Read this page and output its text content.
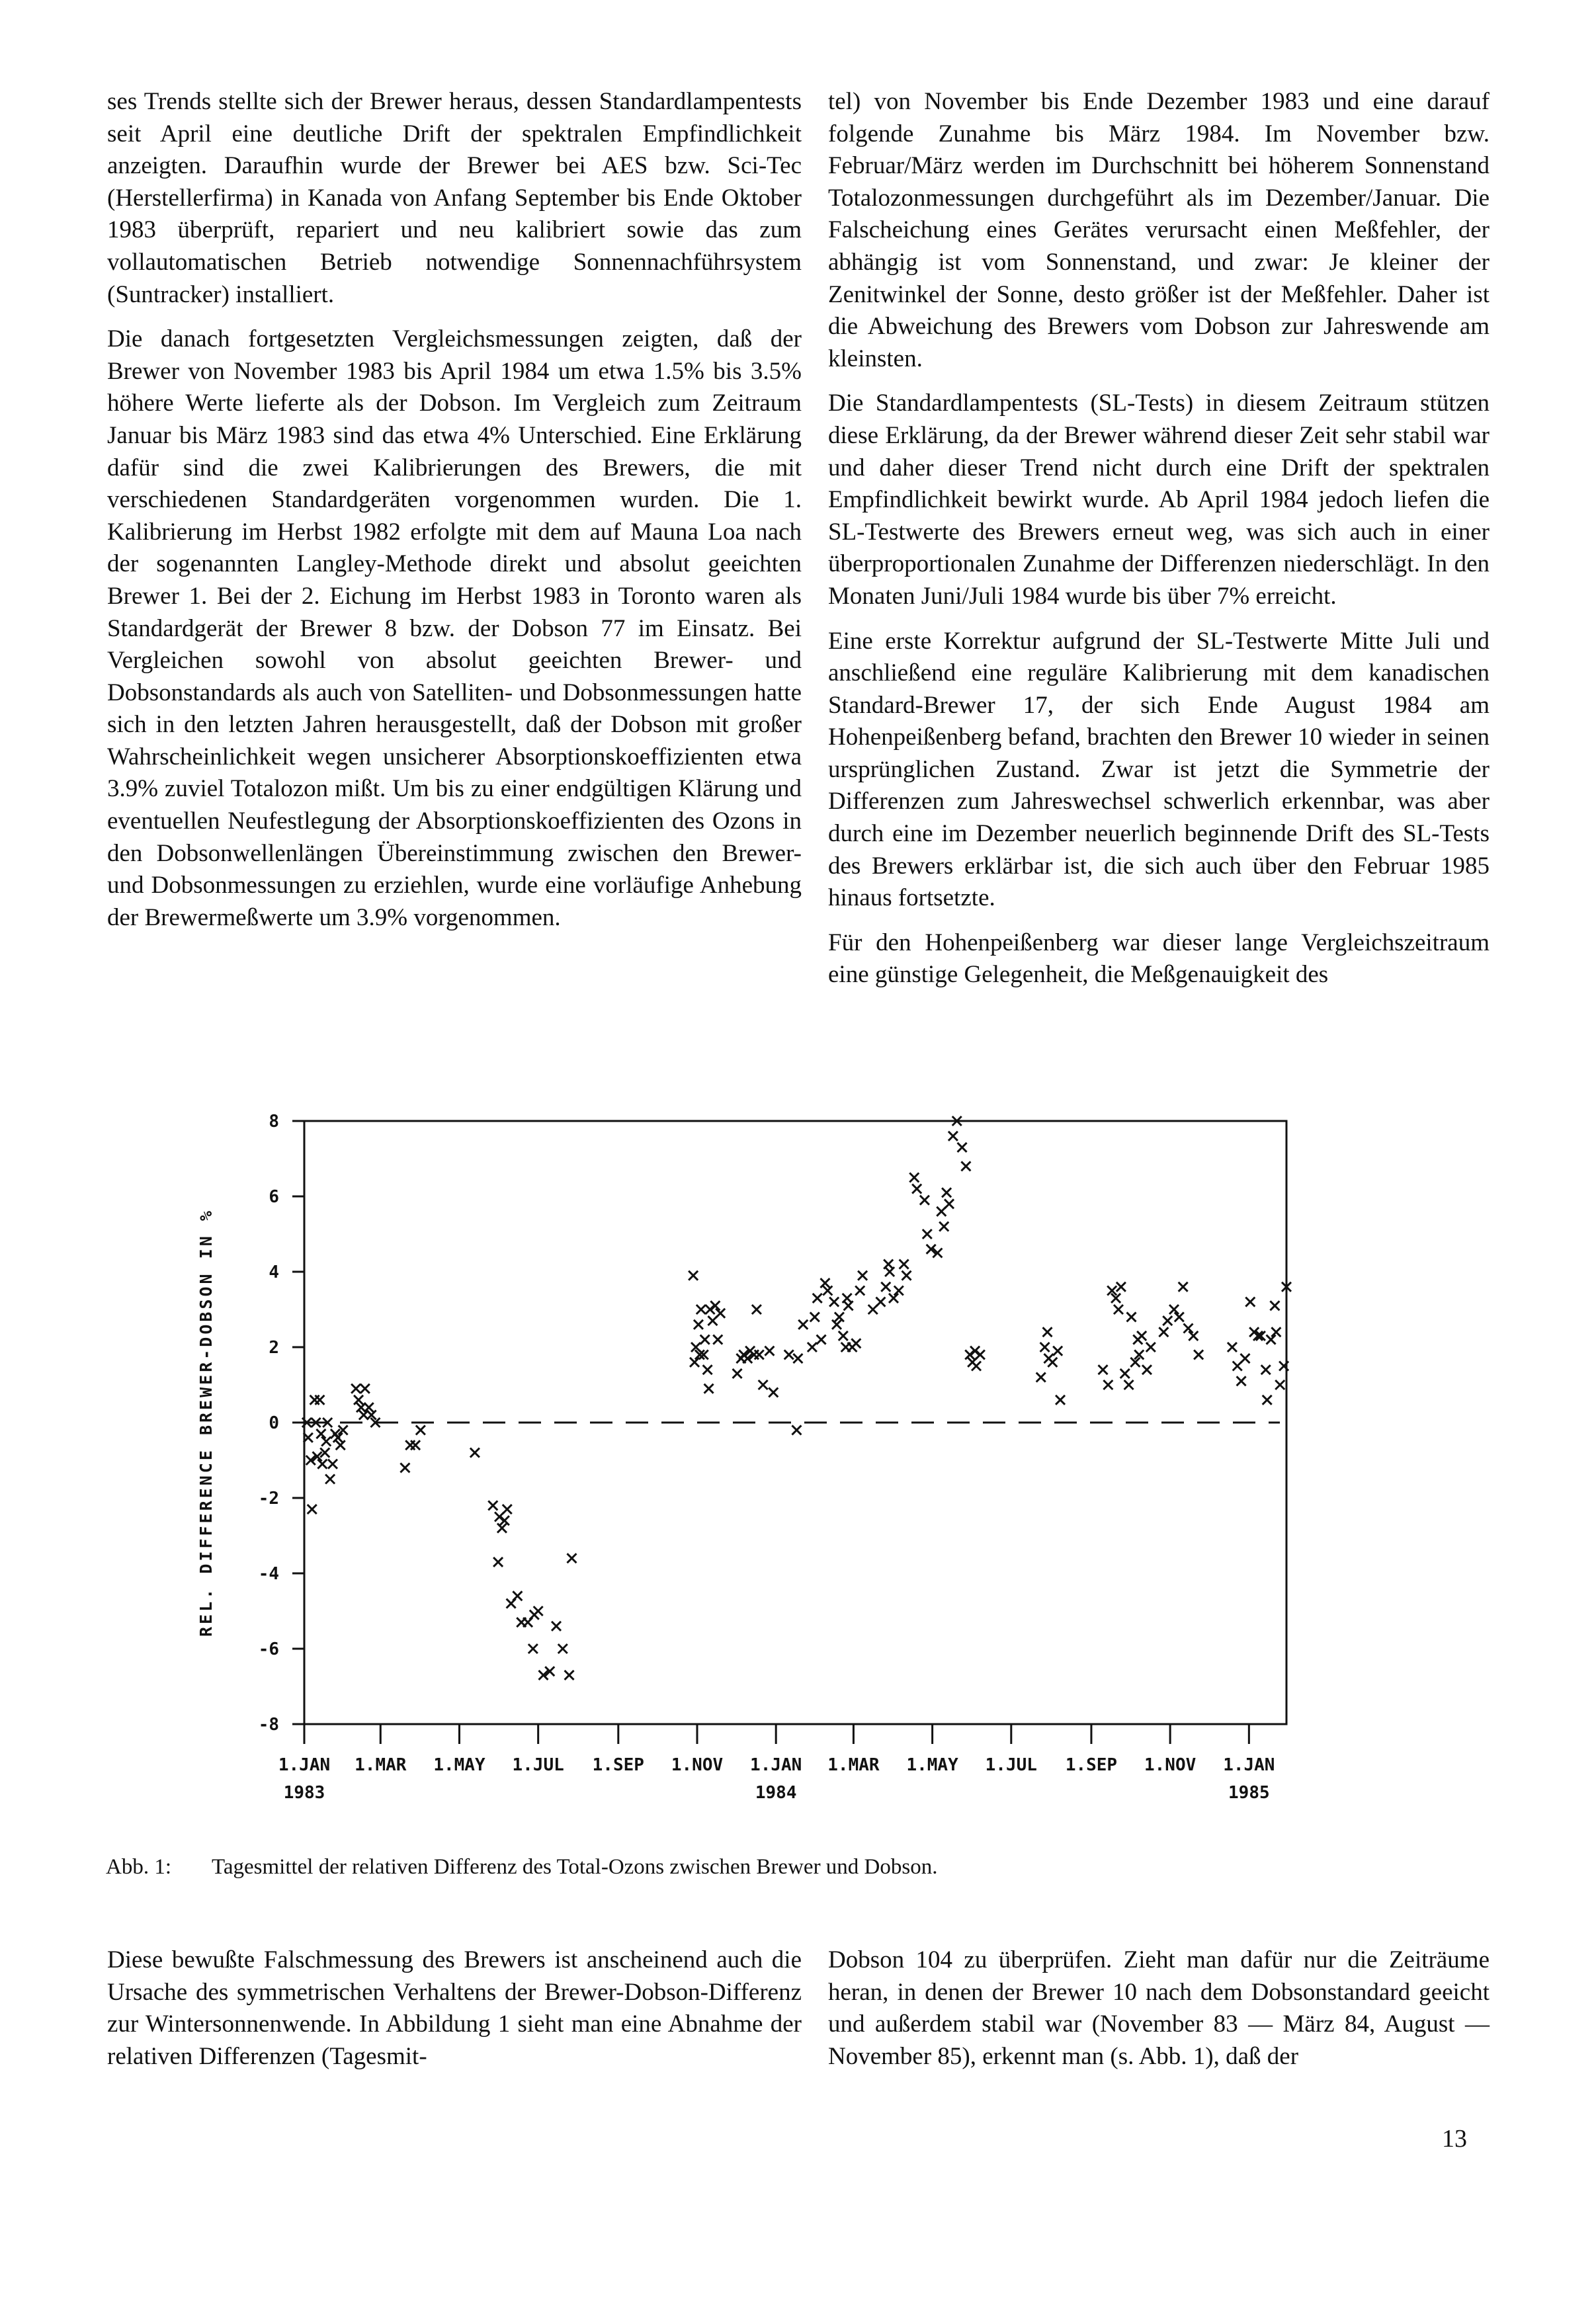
ses Trends stellte sich der Brewer heraus, dessen Standardlampentests seit April eine deutliche Drift der spektralen Empfindlichkeit anzeigten. Daraufhin wurde der Brewer bei AES bzw. Sci-Tec (Herstellerfirma) in Kanada von Anfang September bis Ende Oktober 1983 überprüft, repariert und neu kalibriert sowie das zum vollautomatischen Betrieb notwendige Sonnennachführsystem (Suntracker) installiert.

Die danach fortgesetzten Vergleichsmessungen zeigten, daß der Brewer von November 1983 bis April 1984 um etwa 1.5% bis 3.5% höhere Werte lieferte als der Dobson. Im Vergleich zum Zeitraum Januar bis März 1983 sind das etwa 4% Unterschied. Eine Erklärung dafür sind die zwei Kalibrierungen des Brewers, die mit verschiedenen Standardgeräten vorgenommen wurden. Die 1. Kalibrierung im Herbst 1982 erfolgte mit dem auf Mauna Loa nach der sogenannten Langley-Methode direkt und absolut geeichten Brewer 1. Bei der 2. Eichung im Herbst 1983 in Toronto waren als Standardgerät der Brewer 8 bzw. der Dobson 77 im Einsatz. Bei Vergleichen sowohl von absolut geeichten Brewer- und Dobsonstandards als auch von Satelliten- und Dobsonmessungen hatte sich in den letzten Jahren herausgestellt, daß der Dobson mit großer Wahrscheinlichkeit wegen unsicherer Absorptionskoeffizienten etwa 3.9% zuviel Totalozon mißt. Um bis zu einer endgültigen Klärung und eventuellen Neufestlegung der Absorptionskoeffizienten des Ozons in den Dobsonwellenlängen Übereinstimmung zwischen den Brewer- und Dobsonmessungen zu erziehlen, wurde eine vorläufige Anhebung der Brewermeßwerte um 3.9% vorgenommen.

tel) von November bis Ende Dezember 1983 und eine darauf folgende Zunahme bis März 1984. Im November bzw. Februar/März werden im Durchschnitt bei höherem Sonnenstand Totalozonmessungen durchgeführt als im Dezember/Januar. Die Falscheichung eines Gerätes verursacht einen Meßfehler, der abhängig ist vom Sonnenstand, und zwar: Je kleiner der Zenitwinkel der Sonne, desto größer ist der Meßfehler. Daher ist die Abweichung des Brewers vom Dobson zur Jahreswende am kleinsten.

Die Standardlampentests (SL-Tests) in diesem Zeitraum stützen diese Erklärung, da der Brewer während dieser Zeit sehr stabil war und daher dieser Trend nicht durch eine Drift der spektralen Empfindlichkeit bewirkt wurde. Ab April 1984 jedoch liefen die SL-Testwerte des Brewers erneut weg, was sich auch in einer überproportionalen Zunahme der Differenzen niederschlägt. In den Monaten Juni/Juli 1984 wurde bis über 7% erreicht.

Eine erste Korrektur aufgrund der SL-Testwerte Mitte Juli und anschließend eine reguläre Kalibrierung mit dem kanadischen Standard-Brewer 17, der sich Ende August 1984 am Hohenpeißenberg befand, brachten den Brewer 10 wieder in seinen ursprünglichen Zustand. Zwar ist jetzt die Symmetrie der Differenzen zum Jahreswechsel schwerlich erkennbar, was aber durch eine im Dezember neuerlich beginnende Drift des SL-Tests des Brewers erklärbar ist, die sich auch über den Februar 1985 hinaus fortsetzte.

Für den Hohenpeißenberg war dieser lange Vergleichszeitraum eine günstige Gelegenheit, die Meßgenauigkeit des

-8
-6
-4
-2
0
2
4
6
8
REL. DIFFERENCE BREWER-DOBSON IN %
1.JAN
1983
1.MAR 1.MAY 1.JUL 1.SEP 1.NOV 1.JAN
1984
1.MAR 1.MAY 1.JUL 1.SEP 1.NOV 1.JAN
1985
Abb. 1: Tagesmittel der relativen Differenz des Total-Ozons zwischen Brewer und Dobson.

Diese bewußte Falschmessung des Brewers ist anscheinend auch die Ursache des symmetrischen Verhaltens der Brewer-Dobson-Differenz zur Wintersonnenwende. In Abbildung 1 sieht man eine Abnahme der relativen Differenzen (Tagesmit-

Dobson 104 zu überprüfen. Zieht man dafür nur die Zeiträume heran, in denen der Brewer 10 nach dem Dobsonstandard geeicht und außerdem stabil war (November 83 — März 84, August — November 85), erkennt man (s. Abb. 1), daß der

13
